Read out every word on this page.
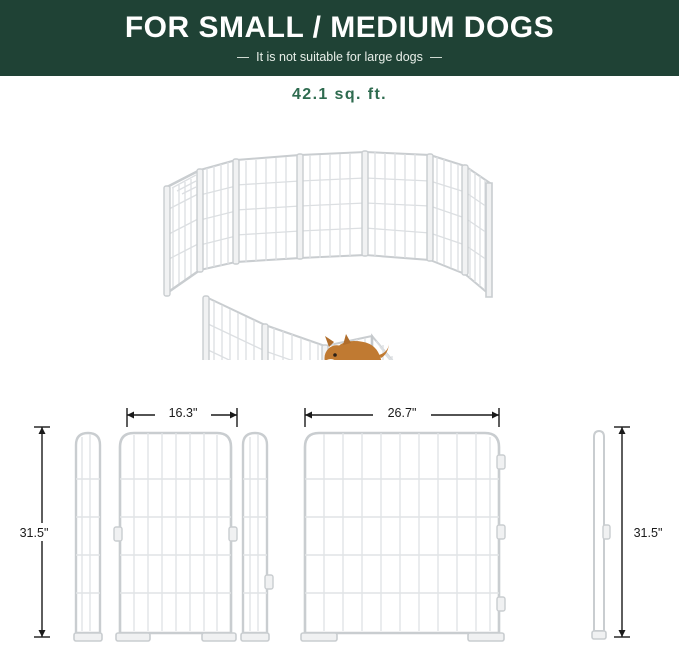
FOR SMALL / MEDIUM DOGS
It is not suitable for large dogs
42.1 sq. ft.
16.3"
31.5"
26.7"
31.5"
